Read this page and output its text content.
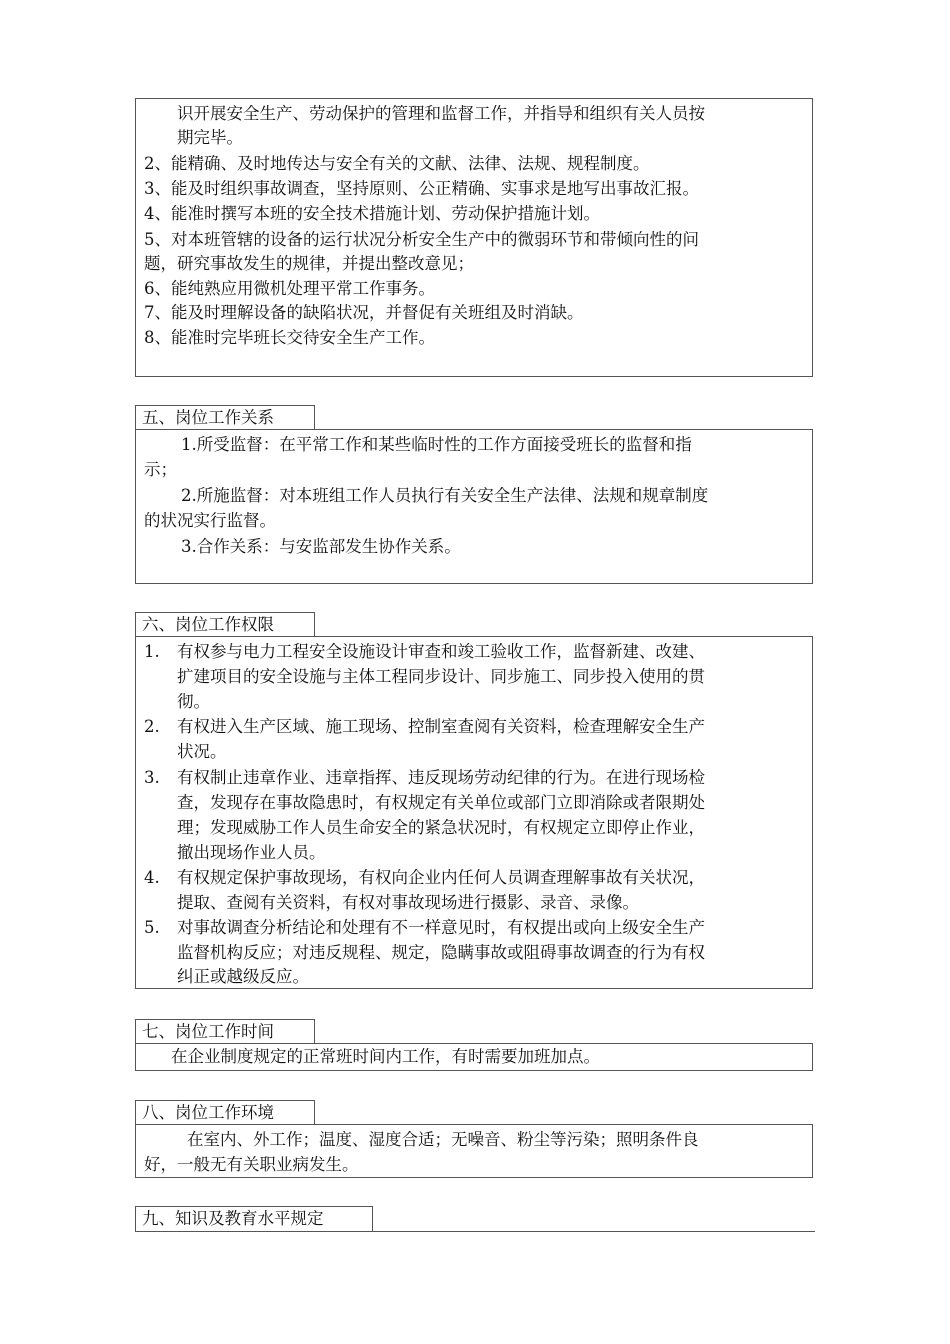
识开展安全生产、劳动保护的管理和监督工作，并指导和组织有关人员按
期完毕。
2、能精确、及时地传达与安全有关的文献、法律、法规、规程制度。
3、能及时组织事故调查，坚持原则、公正精确、实事求是地写出事故汇报。
4、能准时撰写本班的安全技术措施计划、劳动保护措施计划。
5、对本班管辖的设备的运行状况分析安全生产中的微弱环节和带倾向性的问
题，研究事故发生的规律，并提出整改意见；
6、能纯熟应用微机处理平常工作事务。
7、能及时理解设备的缺陷状况，并督促有关班组及时消缺。
8、能准时完毕班长交待安全生产工作。
五、岗位工作关系
1.所受监督：在平常工作和某些临时性的工作方面接受班长的监督和指
示；
2.所施监督：对本班组工作人员执行有关安全生产法律、法规和规章制度
的状况实行监督。
3.合作关系：与安监部发生协作关系。
六、岗位工作权限
1. 有权参与电力工程安全设施设计审查和竣工验收工作，监督新建、改建、
扩建项目的安全设施与主体工程同步设计、同步施工、同步投入使用的贯
彻。
2. 有权进入生产区域、施工现场、控制室查阅有关资料，检查理解安全生产
状况。
3. 有权制止违章作业、违章指挥、违反现场劳动纪律的行为。在进行现场检
查，发现存在事故隐患时，有权规定有关单位或部门立即消除或者限期处
理；发现威胁工作人员生命安全的紧急状况时，有权规定立即停止作业，
撤出现场作业人员。
4. 有权规定保护事故现场，有权向企业内任何人员调查理解事故有关状况，
提取、查阅有关资料，有权对事故现场进行摄影、录音、录像。
5. 对事故调查分析结论和处理有不一样意见时，有权提出或向上级安全生产
监督机构反应；对违反规程、规定，隐瞒事故或阻碍事故调查的行为有权
纠正或越级反应。
七、岗位工作时间
在企业制度规定的正常班时间内工作，有时需要加班加点。
八、岗位工作环境
在室内、外工作；温度、湿度合适；无噪音、粉尘等污染；照明条件良
好，一般无有关职业病发生。
九、知识及教育水平规定
